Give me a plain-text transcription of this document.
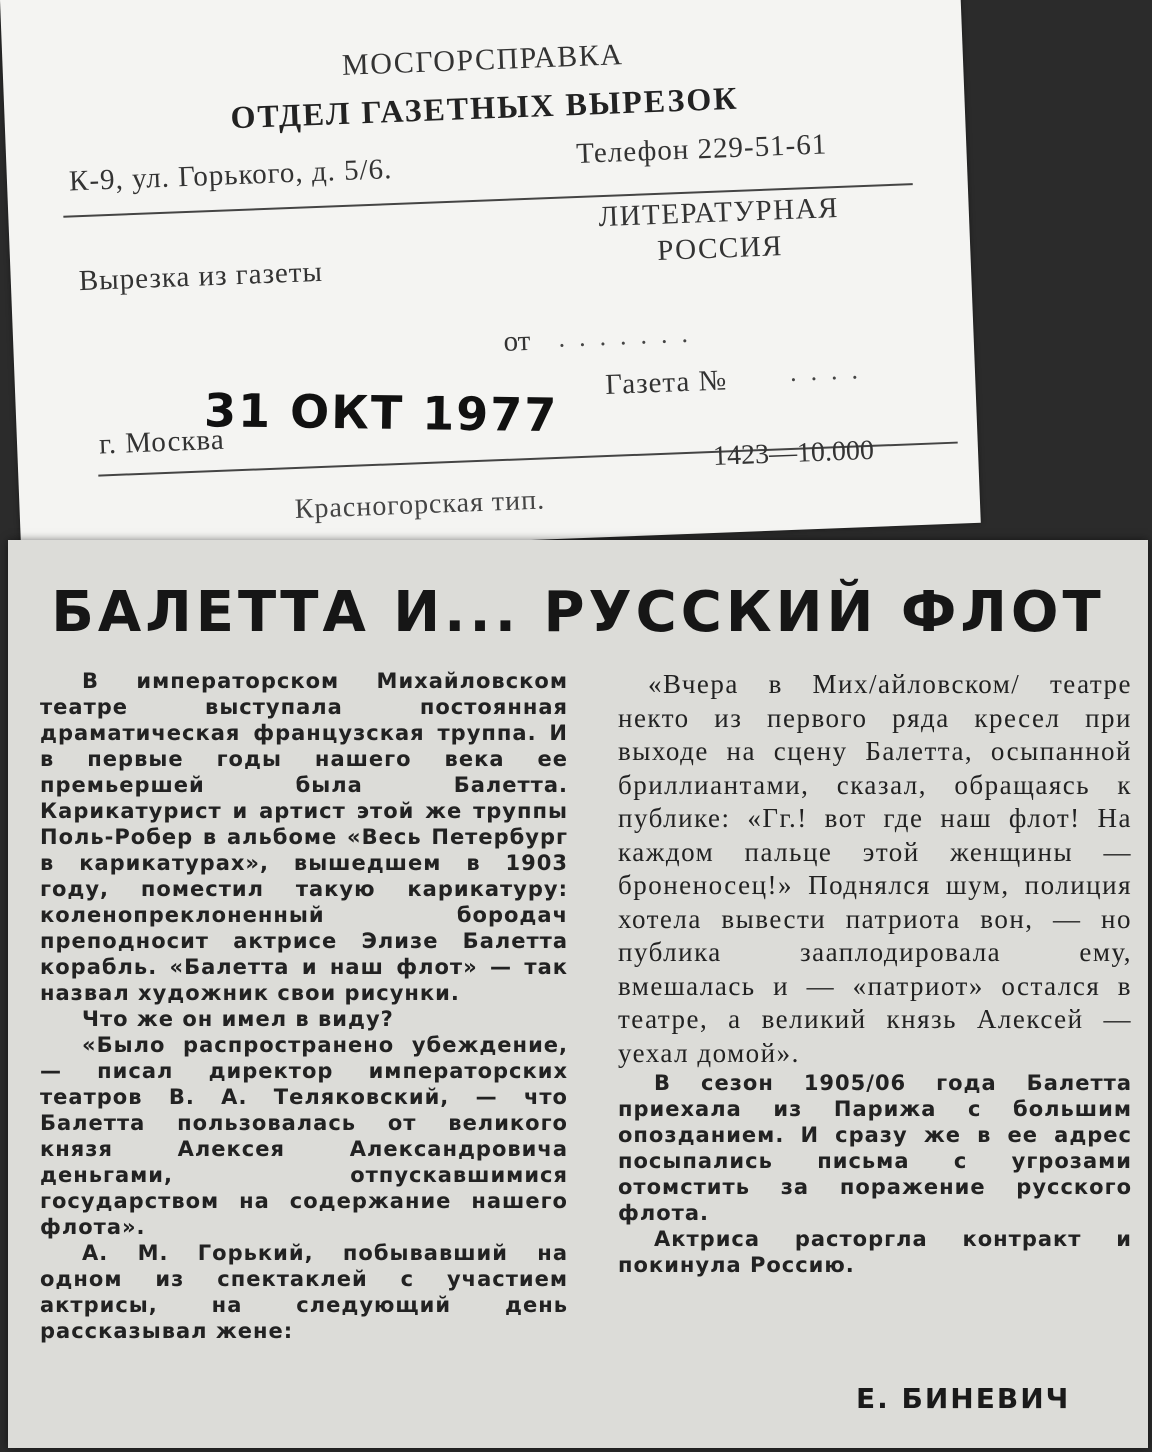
МОСГОРСПРАВКА
ОТДЕЛ ГАЗЕТНЫХ ВЫРЕЗОК
К-9, ул. Горького, д. 5/6.
Телефон 229-51-61
Вырезка из газеты
ЛИТЕРАТУРНАЯ
РОССИЯ
от .......
Газета № ....
г. Москва
31 ОКТ 1977
Красногорская тип.
1423—10.000
БАЛЕТТА И... РУССКИЙ ФЛОТ

В императорском Михайловском театре выступала постоянная драматическая французская труппа. И в первые годы нашего века ее премьершей была Балетта. Карикатурист и артист этой же труппы Поль-Робер в альбоме «Весь Петербург в карикатурах», вышедшем в 1903 году, поместил такую карикатуру: коленопреклоненный бородач преподносит актрисе Элизе Балетта корабль. «Балетта и наш флот» — так назвал художник свои рисунки.

Что же он имел в виду?

«Было распространено убеждение, — писал директор императорских театров В. А. Теляковский, — что Балетта пользовалась от великого князя Алексея Александровича деньгами, отпускавшимися государством на содержание нашего флота».

А. М. Горький, побывавший на одном из спектаклей с участием актрисы, на следующий день рассказывал жене:

«Вчера в Мих/айловском/ театре некто из первого ряда кресел при выходе на сцену Балетта, осыпанной бриллиантами, сказал, обращаясь к публике: «Гг.! вот где наш флот! На каждом пальце этой женщины — броненосец!» Поднялся шум, полиция хотела вывести патриота вон, — но публика зааплодировала ему, вмешалась и — «патриот» остался в театре, а великий князь Алексей — уехал домой».

В сезон 1905/06 года Балетта приехала из Парижа с большим опозданием. И сразу же в ее адрес посыпались письма с угрозами отомстить за поражение русского флота.

Актриса расторгла контракт и покинула Россию.

Е. БИНЕВИЧ
